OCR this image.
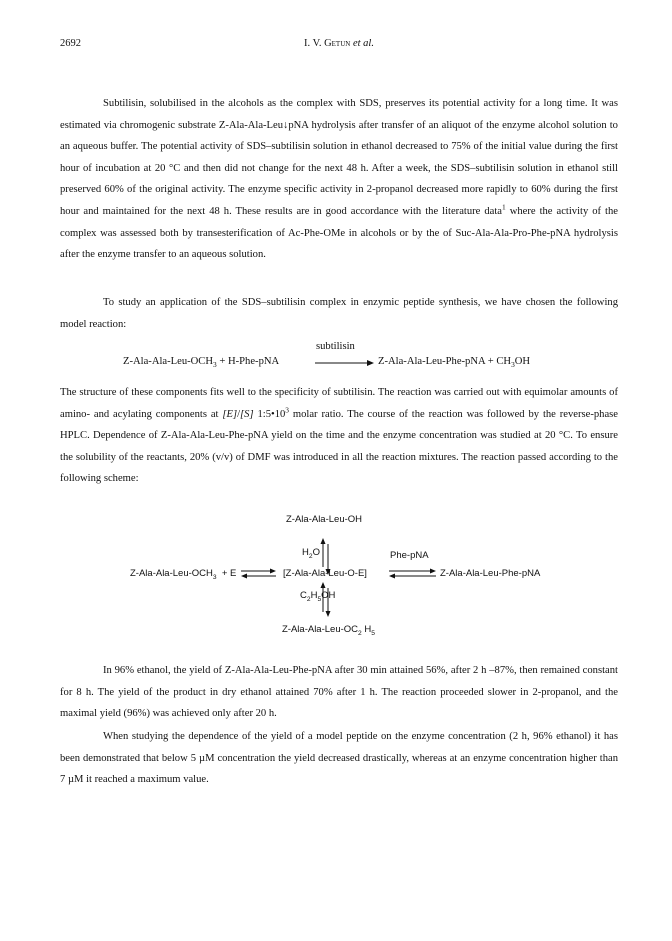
2692	I. V. Getun et al.

Subtilisin, solubilised in the alcohols as the complex with SDS, preserves its potential activity for a long time. It was estimated via chromogenic substrate Z-Ala-Ala-Leu↓pNA hydrolysis after transfer of an aliquot of the enzyme alcohol solution to an aqueous buffer. The potential activity of SDS–subtilisin solution in ethanol decreased to 75% of the initial value during the first hour of incubation at 20 °C and then did not change for the next 48 h. After a week, the SDS–subtilisin solution in ethanol still preserved 60% of the original activity. The enzyme specific activity in 2-propanol decreased more rapidly to 60% during the first hour and maintained for the next 48 h. These results are in good accordance with the literature data$^1$ where the activity of the complex was assessed both by transesterification of Ac-Phe-OMe in alcohols or by the of Suc-Ala-Ala-Pro-Phe-pNA hydrolysis after the enzyme transfer to an aqueous solution.

To study an application of the SDS–subtilisin complex in enzymic peptide synthesis, we have chosen the following model reaction:

$Z-Ala-Ala-Leu-OCH_3 + H-Phe-pNA$
subtilisin
$Z-Ala-Ala-Leu-Phe-pNA + CH_3OH$

The structure of these components fits well to the specificity of subtilisin. The reaction was carried out with equimolar amounts of amino- and acylating components at [E]/[S] $1:5•10^3$ molar ratio. The course of the reaction was followed by the reverse-phase HPLC. Dependence of Z-Ala-Ala-Leu-Phe-pNA yield on the time and the enzyme concentration was studied at 20 °C. To ensure the solubility of the reactants, 20% (v/v) of DMF was introduced in all the reaction mixtures. The reaction passed according to the following scheme:

Z-Ala-Ala-Leu-OH
$H_2O$	Phe-pNA
$Z-Ala-Ala-Leu-OCH_3 + E$	[Z-Ala-Ala-Leu-O-E]	Z-Ala-Ala-Leu-Phe-pNA
$C_2H_5OH$
$Z-Ala-Ala-Leu-OC_2$ $H_5$

In 96% ethanol, the yield of Z-Ala-Ala-Leu-Phe-pNA after 30 min attained 56%, after 2 h –87%, then remained constant for 8 h. The yield of the product in dry ethanol attained 70% after 1 h. The reaction proceeded slower in 2-propanol, and the maximal yield (96%) was achieved only after 20 h.

When studying the dependence of the yield of a model peptide on the enzyme concentration (2 h, 96% ethanol) it has been demonstrated that below 5 µM concentration the yield decreased drastically, whereas at an enzyme concentration higher than 7 µM it reached a maximum value.
